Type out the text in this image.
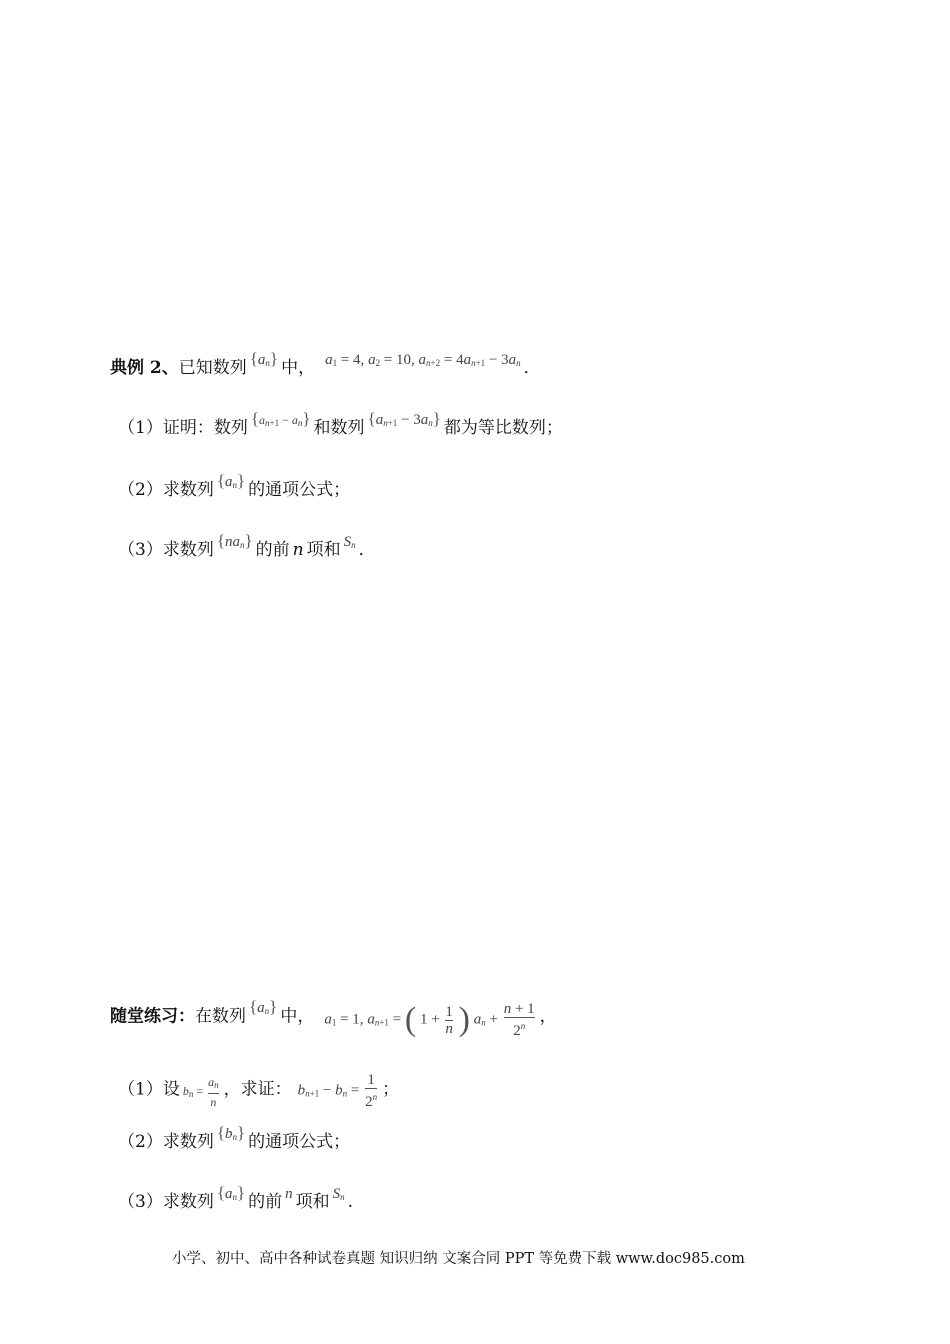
典例 2、已知数列 $\{a_n\}$ 中， $a_1 = 4$, $a_2 = 10$, $a_{n+2} = 4a_{n+1} - 3a_n$ ．
（1）证明：数列 $\{a_{n+1} - a_n\}$ 和数列 $\{a_{n+1} - 3a_n\}$ 都为等比数列；
（2）求数列 $\{a_n\}$ 的通项公式；
（3）求数列 $\{na_n\}$ 的前 n 项和 $S_n$ ．
随堂练习：在数列 $\{a_n\}$ 中， $a_1 = 1$, $a_{n+1}$ = ( $1 + \frac{1}{n}$ ) $a_n + \frac{n + 1}{2^n}$ ，
（1）设 $b_n = \frac{a_n}{n}$ ，求证： $b_{n+1} - b_n = \frac{1}{2^n}$ ；
（2）求数列 $\{b_n\}$ 的通项公式；
（3）求数列 $\{a_n\}$ 的前 n 项和 $S_n$ .
小学、初中、高中各种试卷真题 知识归纳 文案合同 PPT 等免费下载 www.doc985.com
